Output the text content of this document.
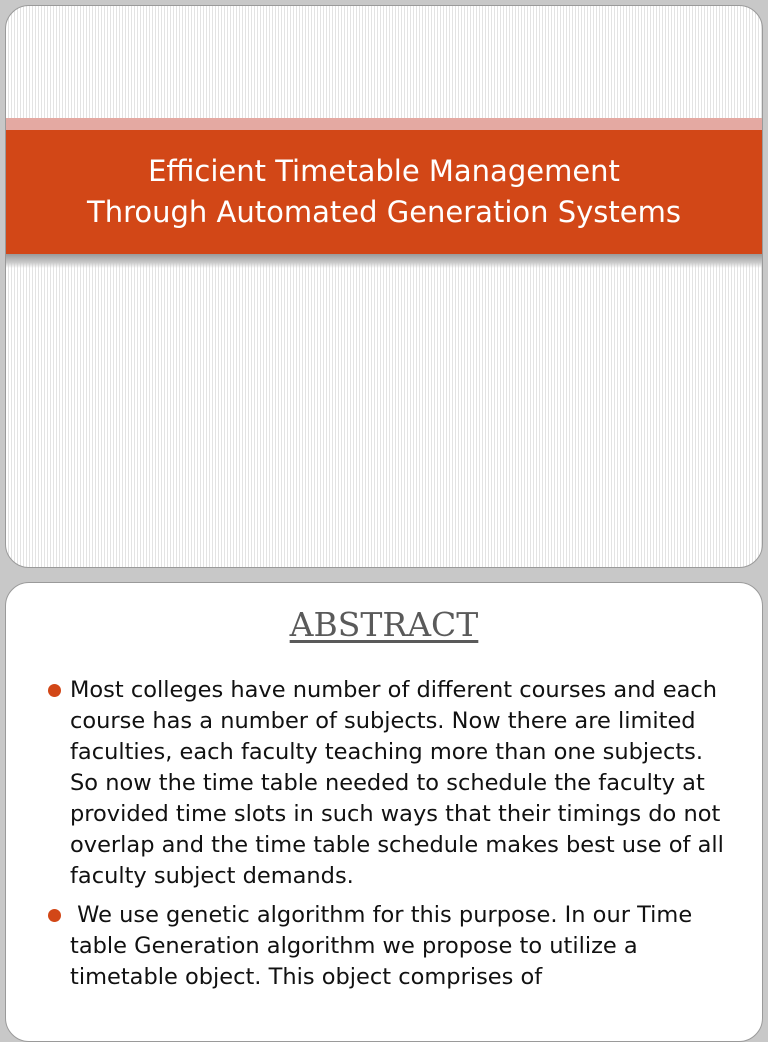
Efficient Timetable Management
Through Automated Generation Systems
ABSTRACT
Most colleges have number of different courses and each course has a number of subjects. Now there are limited faculties, each faculty teaching more than one subjects. So now the time table needed to schedule the faculty at provided time slots in such ways that their timings do not overlap and the time table schedule makes best use of all faculty subject demands.
We use genetic algorithm for this purpose. In our Time table Generation algorithm we propose to utilize a timetable object. This object comprises of
